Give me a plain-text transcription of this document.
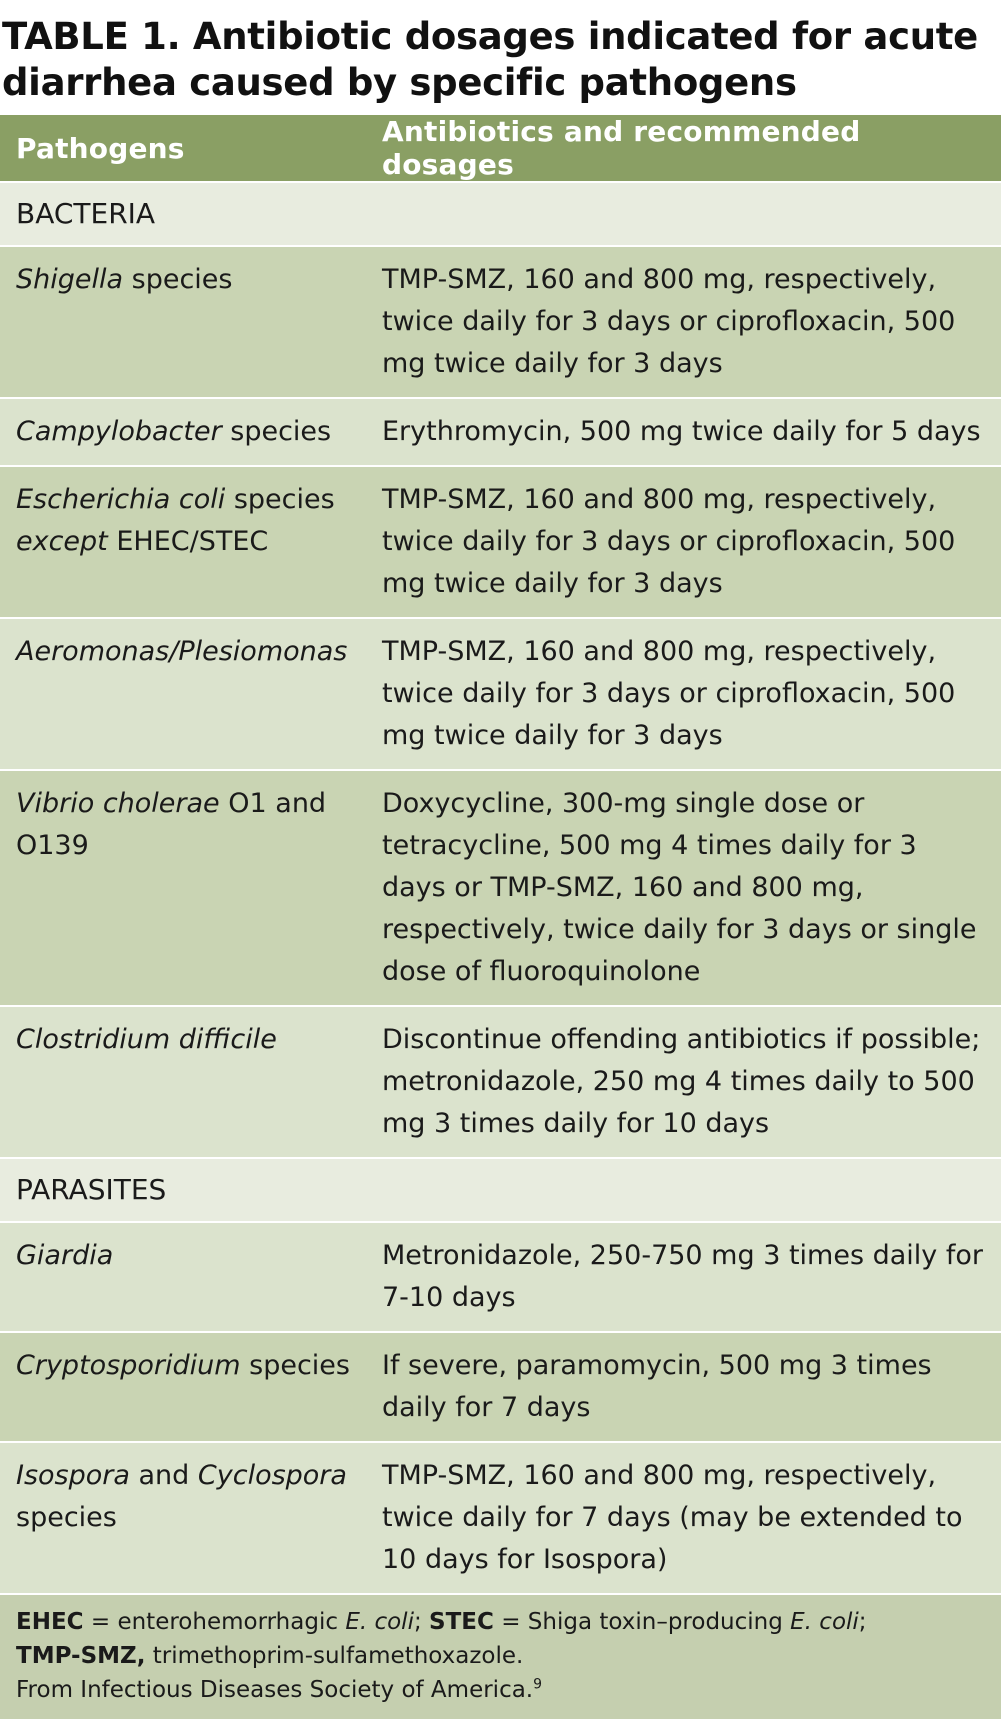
TABLE 1. Antibiotic dosages indicated for acute diarrhea caused by specific pathogens
Pathogens	Antibiotics and recommended dosages
BACTERIA	
Shigella species	TMP-SMZ, 160 and 800 mg, respectively, twice daily for 3 days or ciprofloxacin, 500 mg twice daily for 3 days
Campylobacter species	Erythromycin, 500 mg twice daily for 5 days
Escherichia coli species except EHEC/STEC	TMP-SMZ, 160 and 800 mg, respectively, twice daily for 3 days or ciprofloxacin, 500 mg twice daily for 3 days
Aeromonas/Plesiomonas	TMP-SMZ, 160 and 800 mg, respectively, twice daily for 3 days or ciprofloxacin, 500 mg twice daily for 3 days
Vibrio cholerae O1 and O139	Doxycycline, 300-mg single dose or tetracycline, 500 mg 4 times daily for 3 days or TMP-SMZ, 160 and 800 mg, respectively, twice daily for 3 days or single dose of fluoroquinolone
Clostridium difficile	Discontinue offending antibiotics if possible; metronidazole, 250 mg 4 times daily to 500 mg 3 times daily for 10 days
PARASITES	
Giardia	Metronidazole, 250-750 mg 3 times daily for 7-10 days
Cryptosporidium species	If severe, paramomycin, 500 mg 3 times daily for 7 days
Isospora and Cyclospora species	TMP-SMZ, 160 and 800 mg, respectively, twice daily for 7 days (may be extended to 10 days for Isospora)

EHEC = enterohemorrhagic E. coli; STEC = Shiga toxin–producing E. coli;
TMP-SMZ, trimethoprim-sulfamethoxazole.
From Infectious Diseases Society of America.$^9$
